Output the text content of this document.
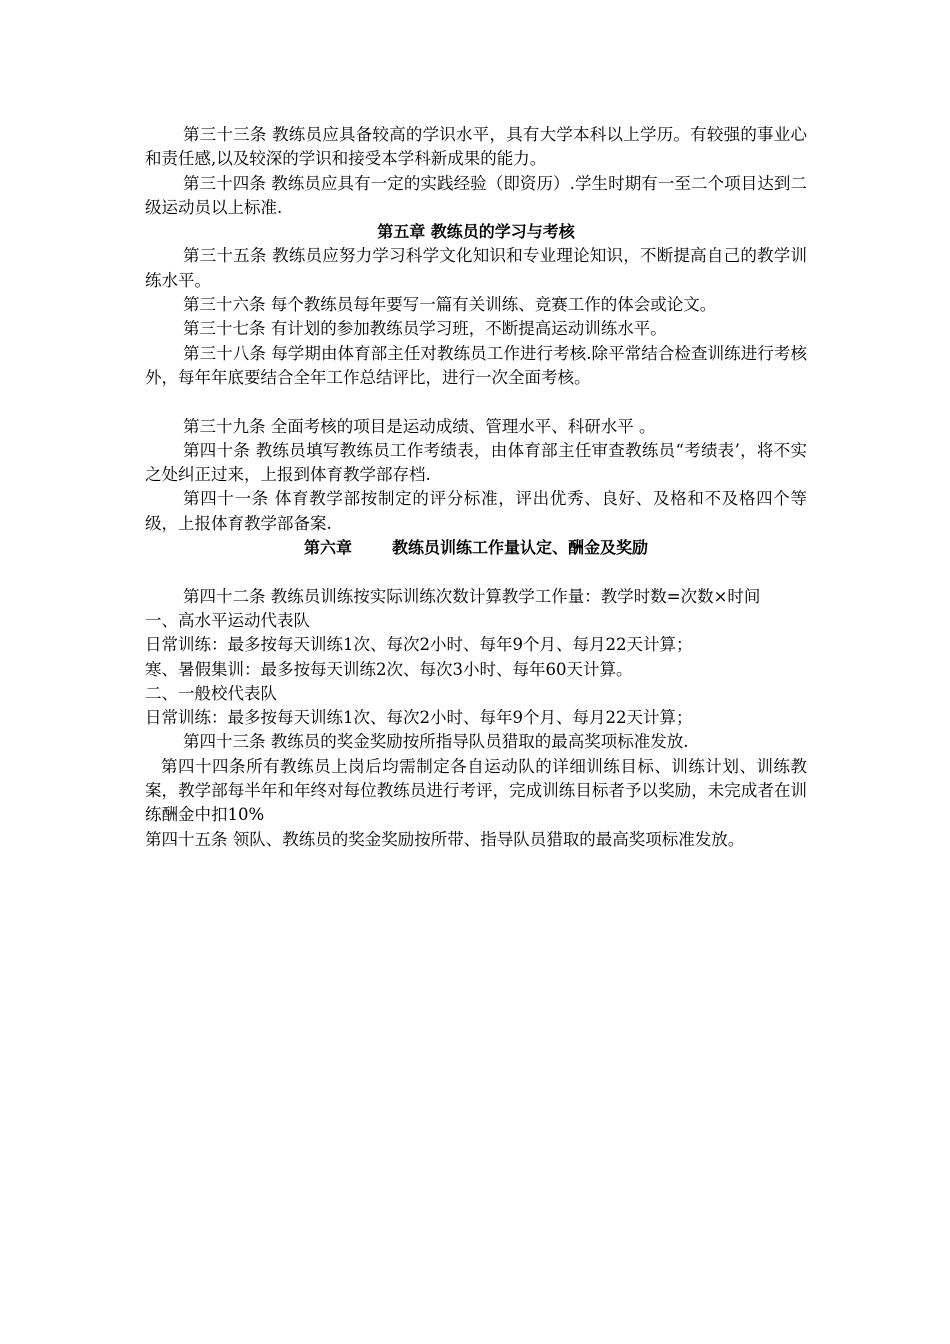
第三十三条 教练员应具备较高的学识水平，具有大学本科以上学历。有较强的事业心和责任感,以及较深的学识和接受本学科新成果的能力。

第三十四条 教练员应具有一定的实践经验（即资历）.学生时期有一至二个项目达到二级运动员以上标准.

第五章 教练员的学习与考核

第三十五条 教练员应努力学习科学文化知识和专业理论知识，不断提高自己的教学训练水平。

第三十六条 每个教练员每年要写一篇有关训练、竞赛工作的体会或论文。

第三十七条 有计划的参加教练员学习班，不断提高运动训练水平。

第三十八条 每学期由体育部主任对教练员工作进行考核.除平常结合检查训练进行考核外，每年年底要结合全年工作总结评比，进行一次全面考核。

第三十九条 全面考核的项目是运动成绩、管理水平、科研水平 。

第四十条 教练员填写教练员工作考绩表，由体育部主任审查教练员“考绩表’，将不实之处纠正过来，上报到体育教学部存档.

第四十一条 体育教学部按制定的评分标准，评出优秀、良好、及格和不及格四个等级，上报体育教学部备案.

第六章	教练员训练工作量认定、酬金及奖励

第四十二条 教练员训练按实际训练次数计算教学工作量：教学时数=次数×时间

一、高水平运动代表队

日常训练：最多按每天训练1次、每次2小时、每年9个月、每月22天计算；

寒、暑假集训：最多按每天训练2次、每次3小时、每年60天计算。

二、一般校代表队

日常训练：最多按每天训练1次、每次2小时、每年9个月、每月22天计算；

第四十三条 教练员的奖金奖励按所指导队员猎取的最高奖项标准发放.

第四十四条所有教练员上岗后均需制定各自运动队的详细训练目标、训练计划、训练教案，教学部每半年和年终对每位教练员进行考评，完成训练目标者予以奖励，未完成者在训练酬金中扣10%

第四十五条 领队、教练员的奖金奖励按所带、指导队员猎取的最高奖项标准发放。
